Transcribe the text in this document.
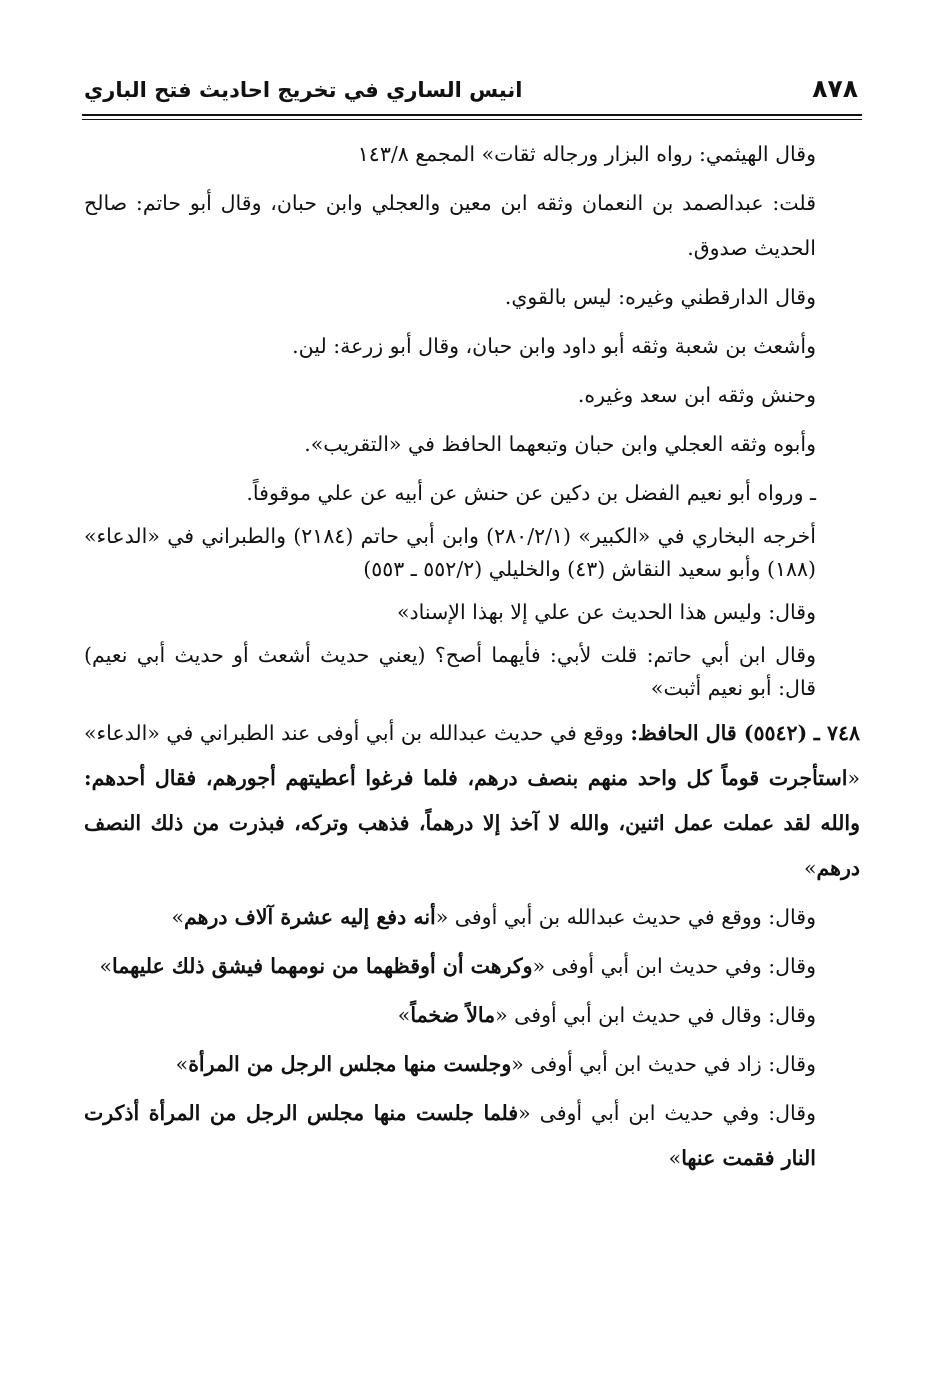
٨٧٨
انيس الساري في تخريج احاديث فتح الباري

وقال الهيثمي: رواه البزار ورجاله ثقات» المجمع ١٤٣/٨

قلت: عبدالصمد بن النعمان وثقه ابن معين والعجلي وابن حبان، وقال أبو حاتم: صالح الحديث صدوق.

وقال الدارقطني وغيره: ليس بالقوي.

وأشعث بن شعبة وثقه أبو داود وابن حبان، وقال أبو زرعة: لين.

وحنش وثقه ابن سعد وغيره.

وأبوه وثقه العجلي وابن حبان وتبعهما الحافظ في «التقريب».

ـ ورواه أبو نعيم الفضل بن دكين عن حنش عن أبيه عن علي موقوفاً.

أخرجه البخاري في «الكبير» (٢٨٠/٢/١) وابن أبي حاتم (٢١٨٤) والطبراني في «الدعاء» (١٨٨) وأبو سعيد النقاش (٤٣) والخليلي (٥٥٢/٢ ـ ٥٥٣)

وقال: وليس هذا الحديث عن علي إلا بهذا الإسناد»

وقال ابن أبي حاتم: قلت لأبي: فأيهما أصح؟ (يعني حديث أشعث أو حديث أبي نعيم) قال: أبو نعيم أثبت»

٧٤٨ ـ (٥٥٤٢) قال الحافظ: ووقع في حديث عبدالله بن أبي أوفى عند الطبراني في «الدعاء» «استأجرت قوماً كل واحد منهم بنصف درهم، فلما فرغوا أعطيتهم أجورهم، فقال أحدهم: والله لقد عملت عمل اثنين، والله لا آخذ إلا درهماً، فذهب وتركه، فبذرت من ذلك النصف درهم»

وقال: ووقع في حديث عبدالله بن أبي أوفى «أنه دفع إليه عشرة آلاف درهم»

وقال: وفي حديث ابن أبي أوفى «وكرهت أن أوقظهما من نومهما فيشق ذلك عليهما»

وقال: وقال في حديث ابن أبي أوفى «مالاً ضخماً»

وقال: زاد في حديث ابن أبي أوفى «وجلست منها مجلس الرجل من المرأة»

وقال: وفي حديث ابن أبي أوفى «فلما جلست منها مجلس الرجل من المرأة أذكرت النار فقمت عنها»
